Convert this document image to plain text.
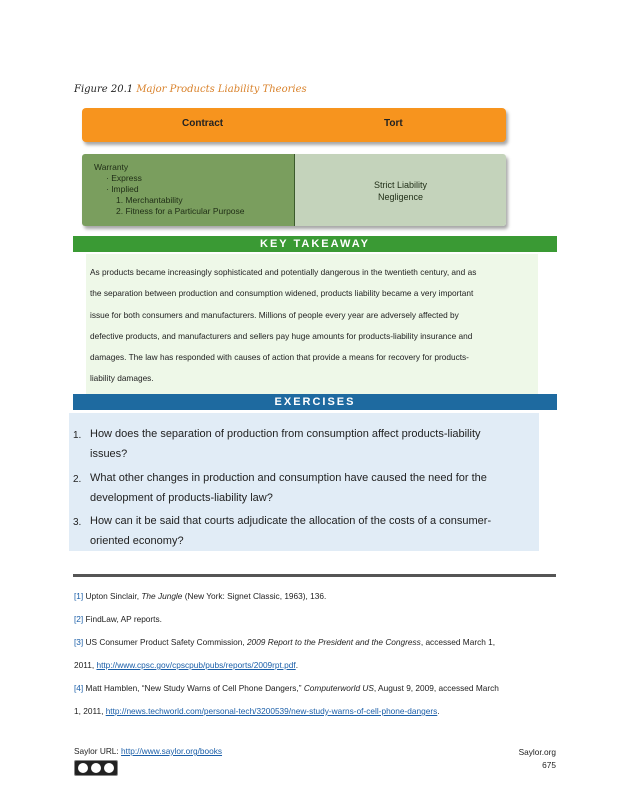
Figure 20.1 Major Products Liability Theories
Contract	Tort
Warranty
· Express
· Implied
1. Merchantability
2. Fitness for a Particular Purpose
Strict Liability
Negligence
KEY TAKEAWAY
As products became increasingly sophisticated and potentially dangerous in the twentieth century, and as
the separation between production and consumption widened, products liability became a very important
issue for both consumers and manufacturers. Millions of people every year are adversely affected by
defective products, and manufacturers and sellers pay huge amounts for products-liability insurance and
damages. The law has responded with causes of action that provide a means for recovery for products-
liability damages.
EXERCISES
1. How does the separation of production from consumption affect products-liability
issues?
2. What other changes in production and consumption have caused the need for the
development of products-liability law?
3. How can it be said that courts adjudicate the allocation of the costs of a consumer-
oriented economy?
[1] Upton Sinclair, The Jungle (New York: Signet Classic, 1963), 136.
[2] FindLaw, AP reports.
[3] US Consumer Product Safety Commission, 2009 Report to the President and the Congress, accessed March 1,
2011, http://www.cpsc.gov/cpscpub/pubs/reports/2009rpt.pdf.
[4] Matt Hamblen, “New Study Warns of Cell Phone Dangers,” Computerworld US, August 9, 2009, accessed March
1, 2011, http://news.techworld.com/personal-tech/3200539/new-study-warns-of-cell-phone-dangers.
Saylor URL: http://www.saylor.org/books	Saylor.org
675
